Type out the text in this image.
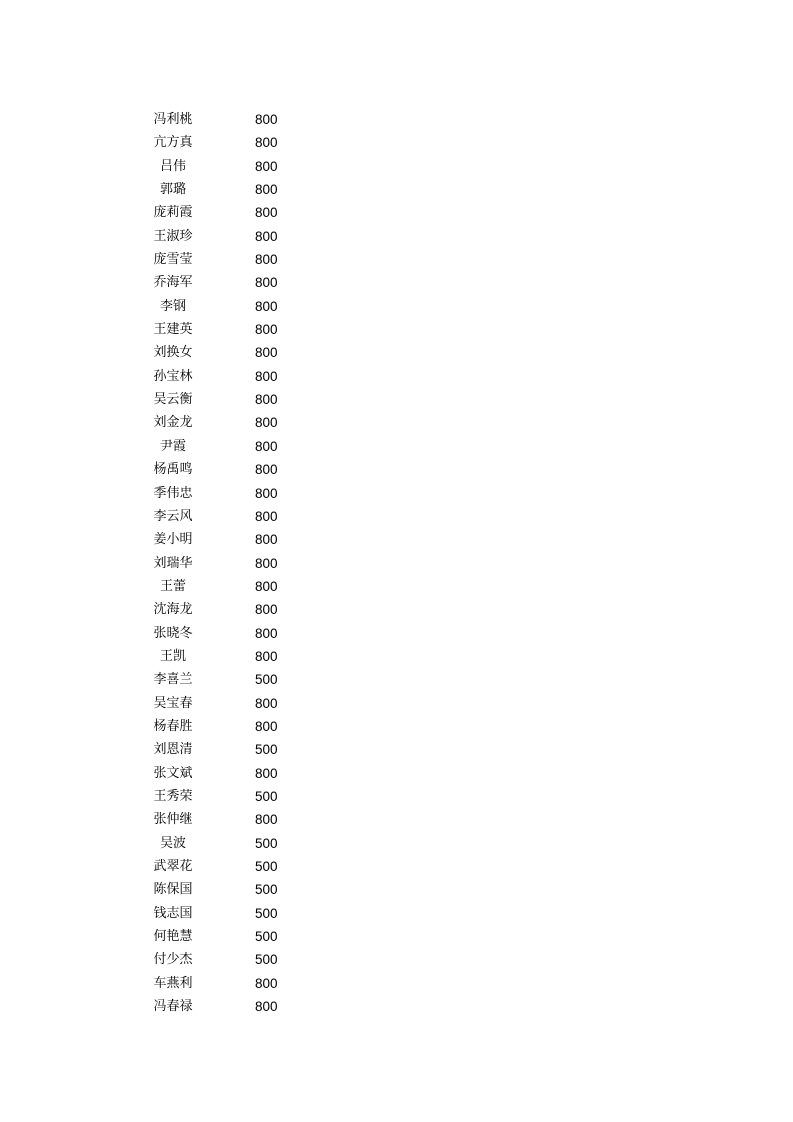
冯利桃	800
亢方真	800
吕伟	800
郭璐	800
庞莉霞	800
王淑珍	800
庞雪莹	800
乔海军	800
李钢	800
王建英	800
刘换女	800
孙宝林	800
吴云衡	800
刘金龙	800
尹霞	800
杨禹鸣	800
季伟忠	800
李云风	800
姜小明	800
刘瑞华	800
王蕾	800
沈海龙	800
张晓冬	800
王凯	800
李喜兰	500
吴宝春	800
杨春胜	800
刘恩清	500
张文斌	800
王秀荣	500
张仲继	800
吴波	500
武翠花	500
陈保国	500
钱志国	500
何艳慧	500
付少杰	500
车燕利	800
冯春禄	800
